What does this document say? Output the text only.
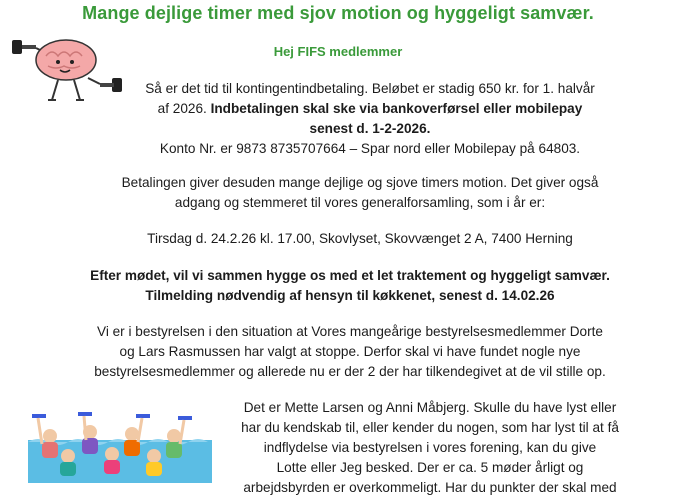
Mange dejlige timer med sjov motion og hyggeligt samvær.
Hej FIFS medlemmer
Så er det tid til kontingentindbetaling. Beløbet er stadig 650 kr. for 1. halvår
af 2026. Indbetalingen skal ske via bankoverførsel eller mobilepay
senest d. 1-2-2026.
Konto Nr. er 9873 8735707664 – Spar nord eller Mobilepay på 64803.
Betalingen giver desuden mange dejlige og sjove timers motion. Det giver også
adgang og stemmeret til vores generalforsamling, som i år er:
Tirsdag d. 24.2.26 kl. 17.00, Skovlyset, Skovvænget 2 A, 7400 Herning
Efter mødet, vil vi sammen hygge os med et let traktement og hyggeligt samvær.
Tilmelding nødvendig af hensyn til køkkenet, senest d. 14.02.26
Vi er i bestyrelsen i den situation at Vores mangeårige bestyrelsesmedlemmer Dorte
og Lars Rasmussen har valgt at stoppe. Derfor skal vi have fundet nogle nye
bestyrelsesmedlemmer og allerede nu er der 2 der har tilkendegivet at de vil stille op.
Det er Mette Larsen og Anni Måbjerg. Skulle du have lyst eller
har du kendskab til, eller kender du nogen, som har lyst til at få
indflydelse via bestyrelsen i vores forening, kan du give
Lotte eller Jeg besked. Der er ca. 5 møder årligt og
arbejdsbyrden er overkommeligt. Har du punkter der skal med
